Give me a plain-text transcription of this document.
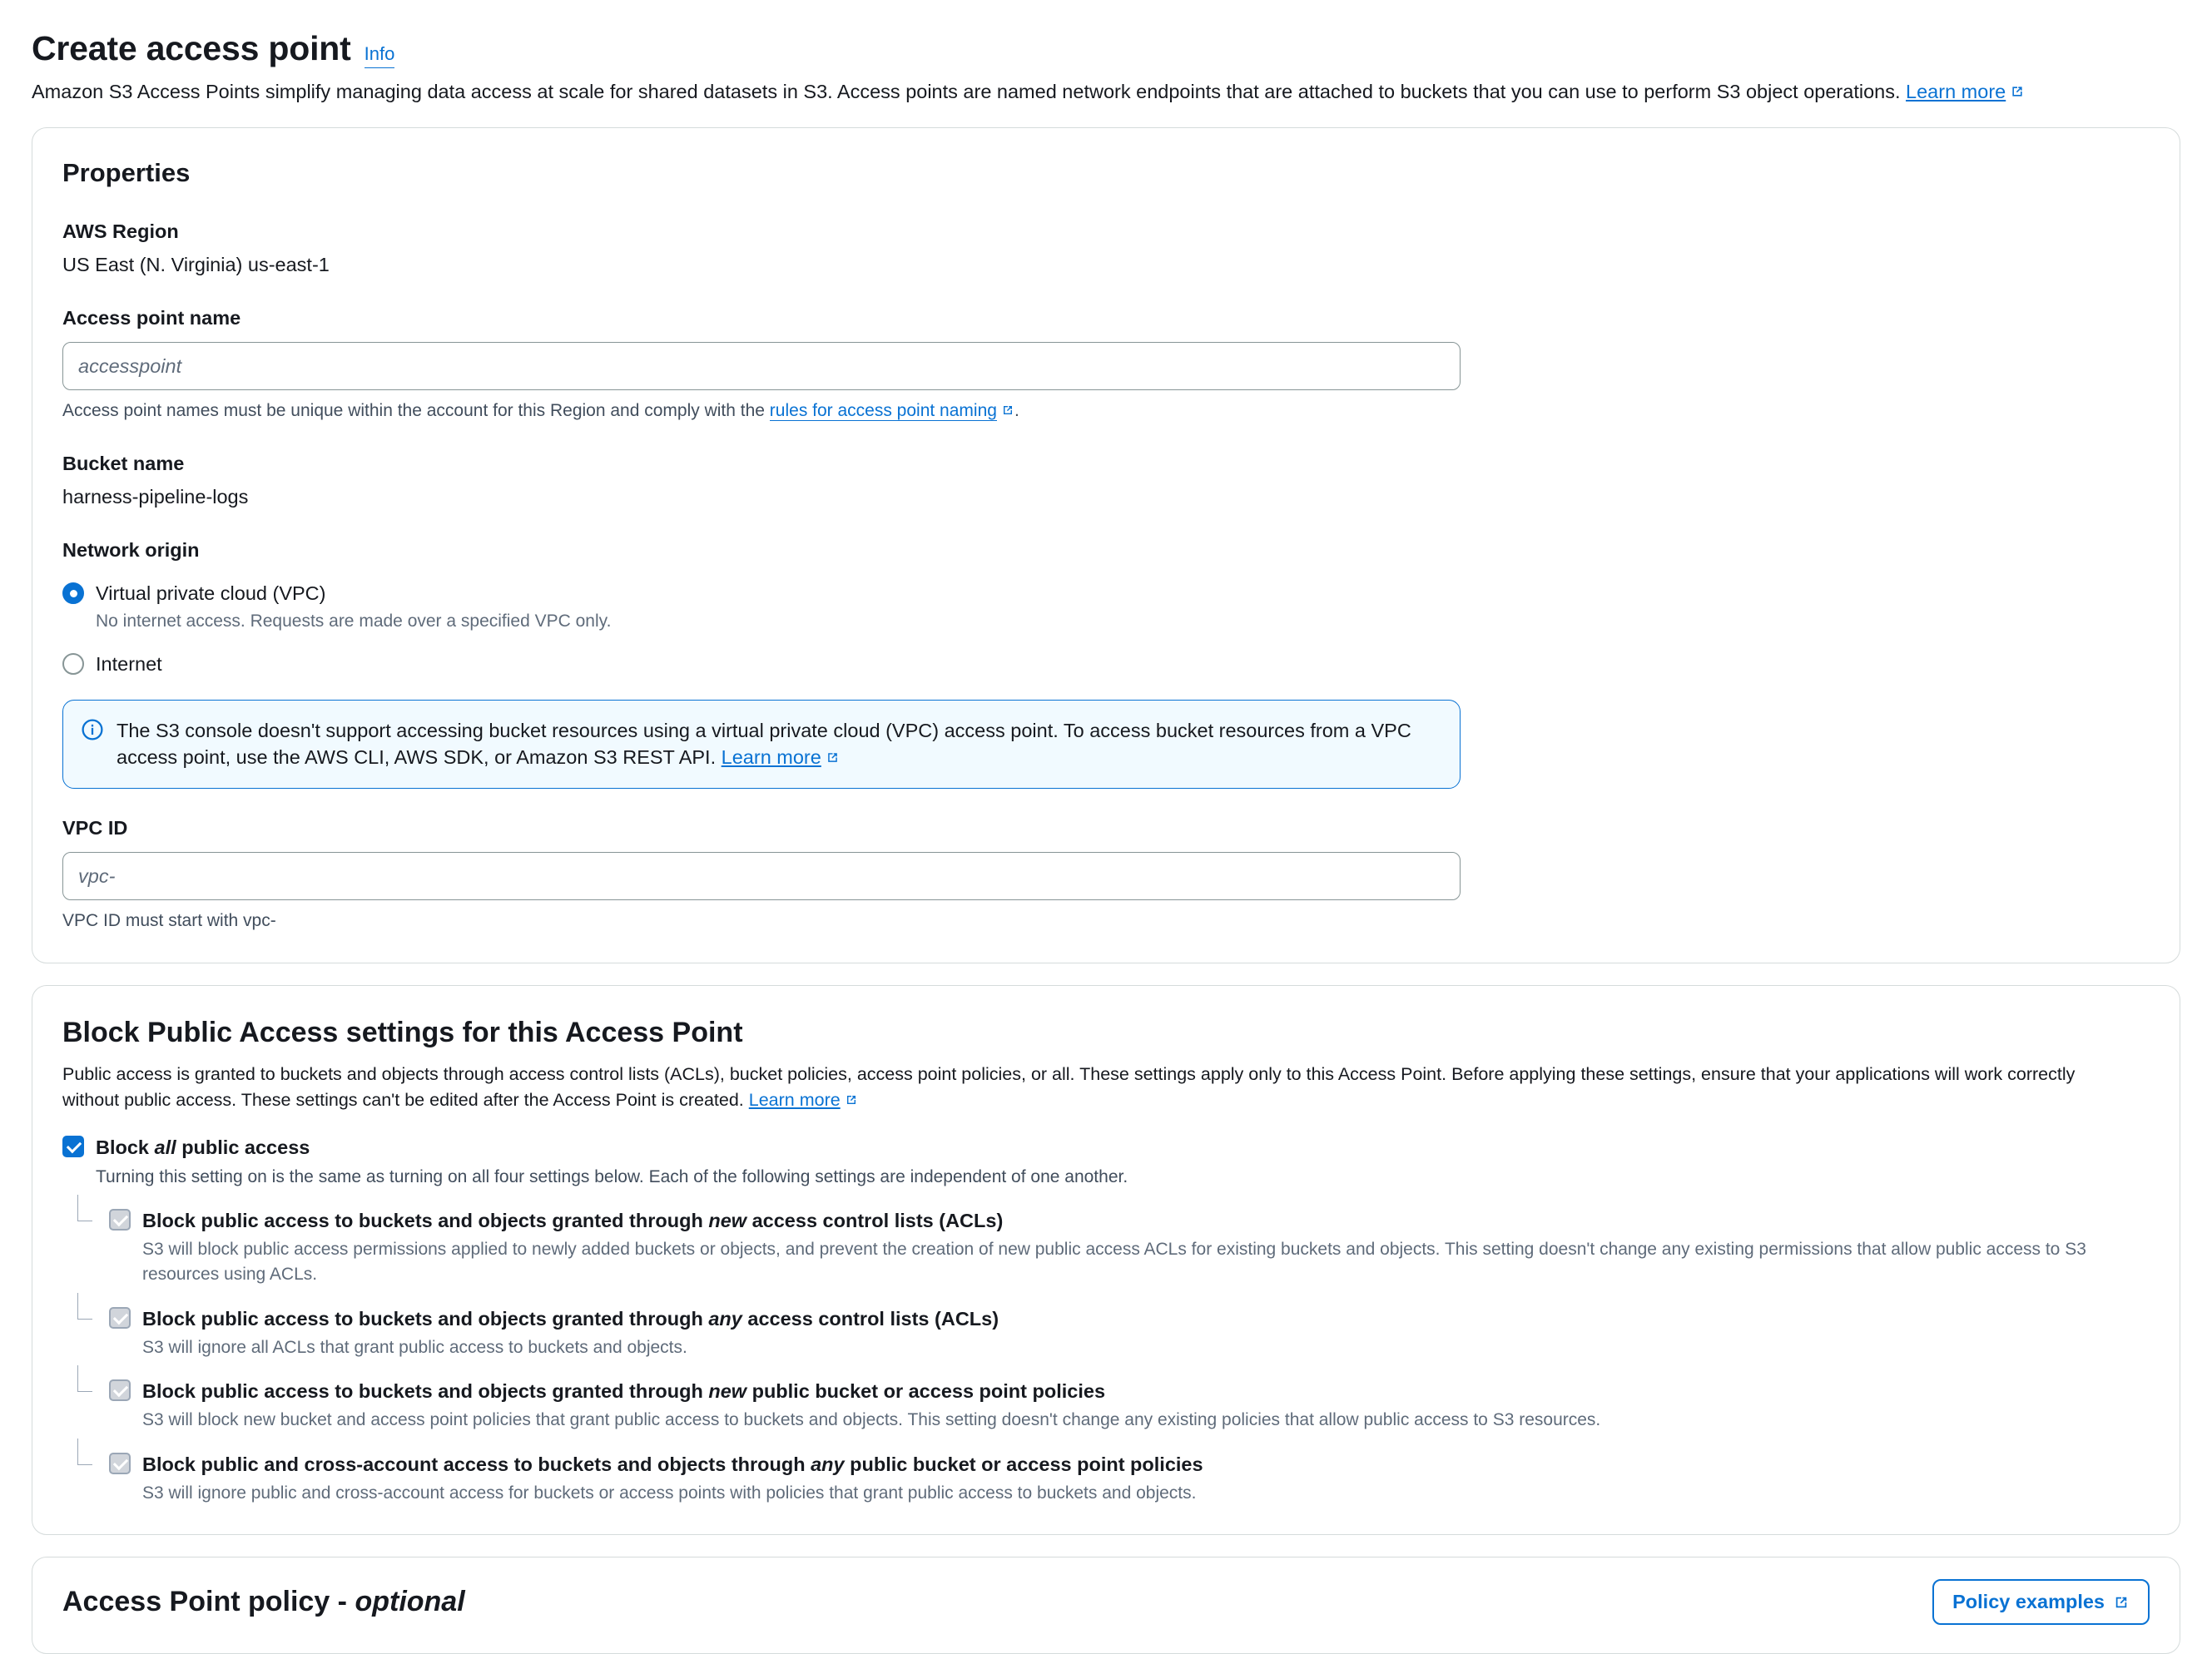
Create access point Info
Amazon S3 Access Points simplify managing data access at scale for shared datasets in S3. Access points are named network endpoints that are attached to buckets that you can use to perform S3 object operations. Learn more
Properties
AWS Region
US East (N. Virginia) us-east-1
Access point name
accesspoint
Access point names must be unique within the account for this Region and comply with the rules for access point naming .
Bucket name
harness-pipeline-logs
Network origin
Virtual private cloud (VPC)
No internet access. Requests are made over a specified VPC only.
Internet
The S3 console doesn't support accessing bucket resources using a virtual private cloud (VPC) access point. To access bucket resources from a VPC access point, use the AWS CLI, AWS SDK, or Amazon S3 REST API. Learn more
VPC ID
vpc-
VPC ID must start with vpc-
Block Public Access settings for this Access Point
Public access is granted to buckets and objects through access control lists (ACLs), bucket policies, access point policies, or all. These settings apply only to this Access Point. Before applying these settings, ensure that your applications will work correctly without public access. These settings can't be edited after the Access Point is created. Learn more
Block all public access
Turning this setting on is the same as turning on all four settings below. Each of the following settings are independent of one another.
Block public access to buckets and objects granted through new access control lists (ACLs)
S3 will block public access permissions applied to newly added buckets or objects, and prevent the creation of new public access ACLs for existing buckets and objects. This setting doesn't change any existing permissions that allow public access to S3 resources using ACLs.
Block public access to buckets and objects granted through any access control lists (ACLs)
S3 will ignore all ACLs that grant public access to buckets and objects.
Block public access to buckets and objects granted through new public bucket or access point policies
S3 will block new bucket and access point policies that grant public access to buckets and objects. This setting doesn't change any existing policies that allow public access to S3 resources.
Block public and cross-account access to buckets and objects through any public bucket or access point policies
S3 will ignore public and cross-account access for buckets or access points with policies that grant public access to buckets and objects.
Access Point policy - optional	Policy examples
